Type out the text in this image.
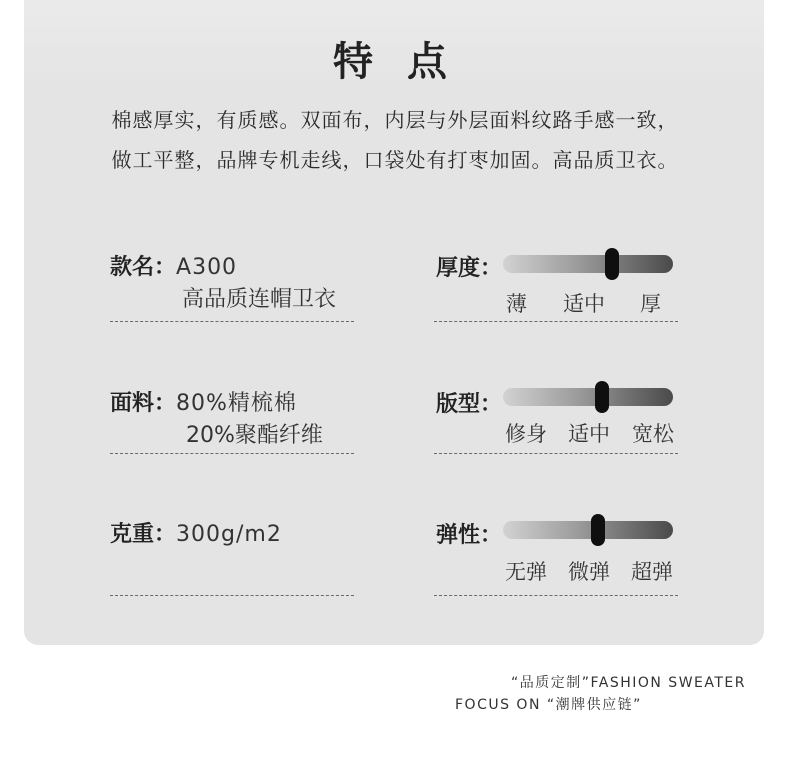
特 点
棉感厚实，有质感。双面布，内层与外层面料纹路手感一致，
做工平整，品牌专机走线，口袋处有打枣加固。高品质卫衣。
款名：A300
高品质连帽卫衣
面料：80%精梳棉
20%聚酯纤维
克重：300g/m2
厚度：
薄 适中 厚
版型：
修身 适中 宽松
弹性：
无弹 微弹 超弹
“品质定制”FASHION SWEATER
FOCUS ON “潮牌供应链”
